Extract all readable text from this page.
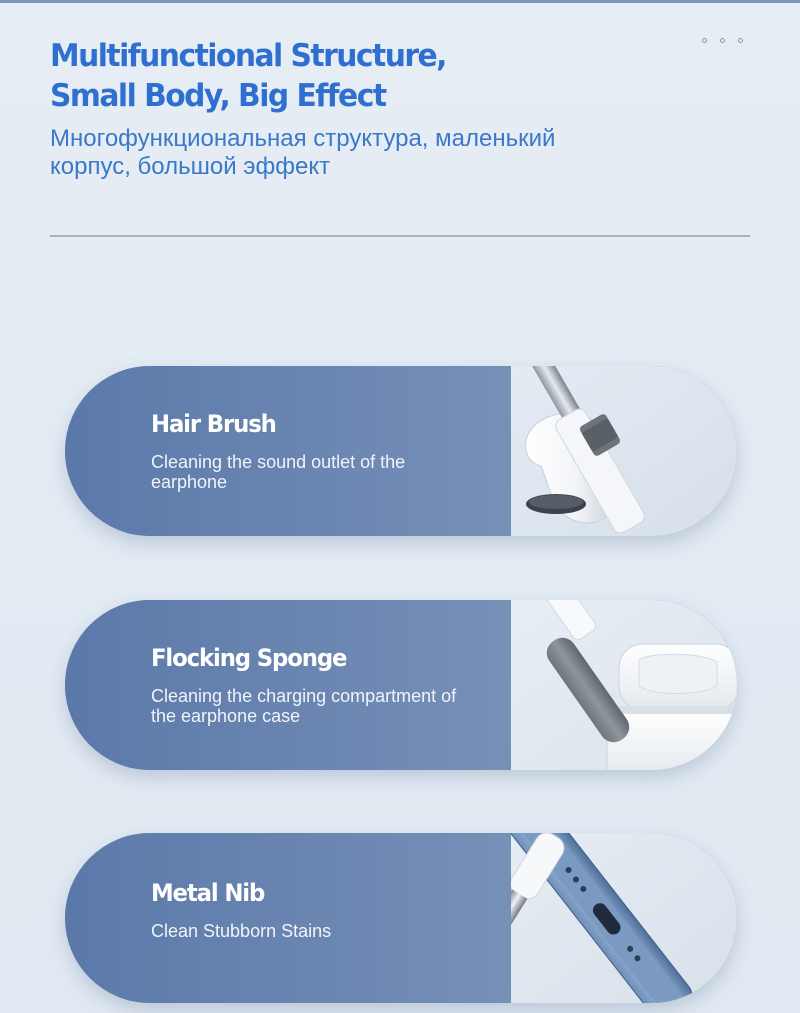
Multifunctional Structure,
Small Body, Big Effect

Многофункциональная структура, маленький
корпус, большой эффект

Hair Brush

Cleaning the sound outlet of the
earphone

Flocking Sponge

Cleaning the charging compartment of
the earphone case

Metal Nib

Clean Stubborn Stains
